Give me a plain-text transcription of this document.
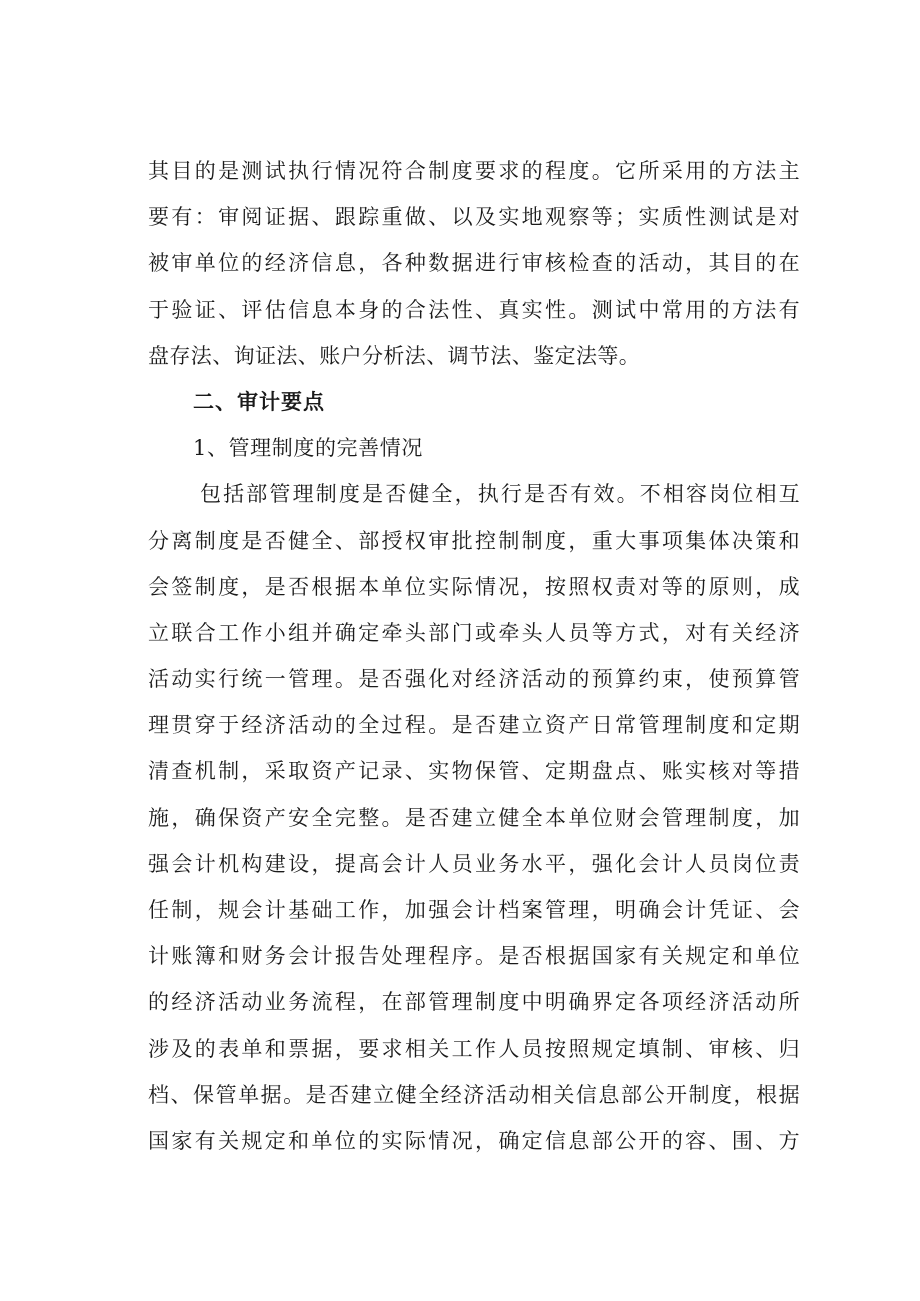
其目的是测试执行情况符合制度要求的程度。它所采用的方法主
要有：审阅证据、跟踪重做、以及实地观察等；实质性测试是对
被审单位的经济信息，各种数据进行审核检查的活动，其目的在
于验证、评估信息本身的合法性、真实性。测试中常用的方法有
盘存法、询证法、账户分析法、调节法、鉴定法等。
二、审计要点
1、管理制度的完善情况
包括部管理制度是否健全，执行是否有效。不相容岗位相互
分离制度是否健全、部授权审批控制制度，重大事项集体决策和
会签制度，是否根据本单位实际情况，按照权责对等的原则，成
立联合工作小组并确定牵头部门或牵头人员等方式，对有关经济
活动实行统一管理。是否强化对经济活动的预算约束，使预算管
理贯穿于经济活动的全过程。是否建立资产日常管理制度和定期
清查机制，采取资产记录、实物保管、定期盘点、账实核对等措
施，确保资产安全完整。是否建立健全本单位财会管理制度，加
强会计机构建设，提高会计人员业务水平，强化会计人员岗位责
任制，规会计基础工作，加强会计档案管理，明确会计凭证、会
计账簿和财务会计报告处理程序。是否根据国家有关规定和单位
的经济活动业务流程，在部管理制度中明确界定各项经济活动所
涉及的表单和票据，要求相关工作人员按照规定填制、审核、归
档、保管单据。是否建立健全经济活动相关信息部公开制度，根据
国家有关规定和单位的实际情况，确定信息部公开的容、围、方
